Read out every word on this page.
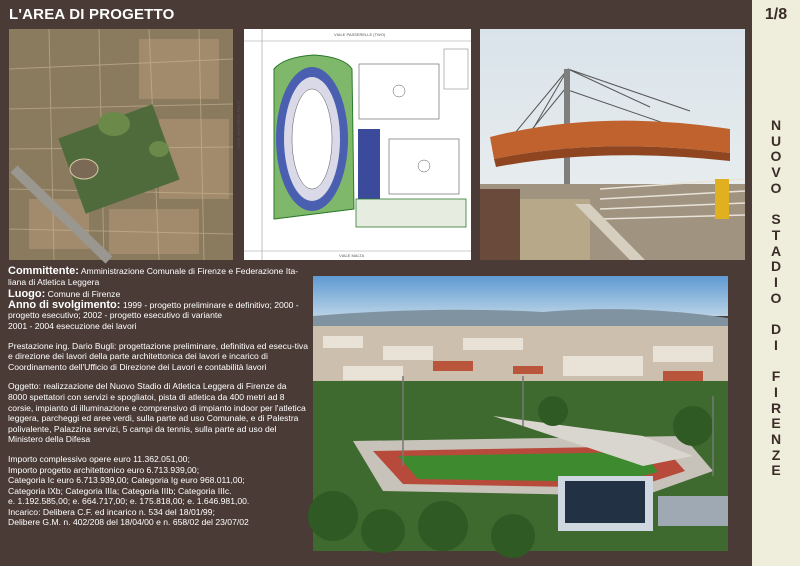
L'AREA DI PROGETTO
VIALE PASSERELLE (TWO)
VIALE MALTA
VIALE MANFREDO FANTI

Committente: Amministrazione Comunale di Firenze e Federazione Ita-liana di Atletica Leggera

Luogo: Comune di Firenze

Anno di svolgimento: 1999 - progetto preliminare e definitivo; 2000 - progetto esecutivo; 2002 - progetto esecutivo di variante

2001 - 2004 esecuzione dei lavori

Prestazione ing. Dario Bugli: progettazione preliminare, definitiva ed esecu-tiva e direzione dei lavori della parte architettonica dei lavori e incarico di Coordinamento dell'Ufficio di Direzione dei Lavori e contabilità lavori

Oggetto: realizzazione del Nuovo Stadio di Atletica Leggera di Firenze da 8000 spettatori con servizi e spogliatoi, pista di atletica da 400 metri ad 8 corsie, impianto di illuminazione e comprensivo di impianto indoor per l'atletica leggera, parcheggi ed aree verdi, sulla parte ad uso Comunale, e di Palestra polivalente, Palazzina servizi, 5 campi da tennis, sulla parte ad uso del Ministero della Difesa

Importo complessivo opere euro 11.362.051,00;

Importo progetto architettonico euro 6.713.939,00;

Categoria Ic euro 6.713.939,00; Categoria Ig euro 968.011,00;

Categoria IXb; Categoria IIIa; Categoria IIIb; Categoria IIIc.

e. 1.192.585,00; e. 664.717,00; e. 175.818,00; e. 1.646.981,00.

Incarico: Delibera C.F. ed incarico n. 534 del 18/01/99;

Delibere G.M. n. 402/208 del 18/04/00 e n. 658/02 del 23/07/02

1/8
N
U
O
V
O

S
T
A
D
I
O

D
I

F
I
R
E
N
Z
E
